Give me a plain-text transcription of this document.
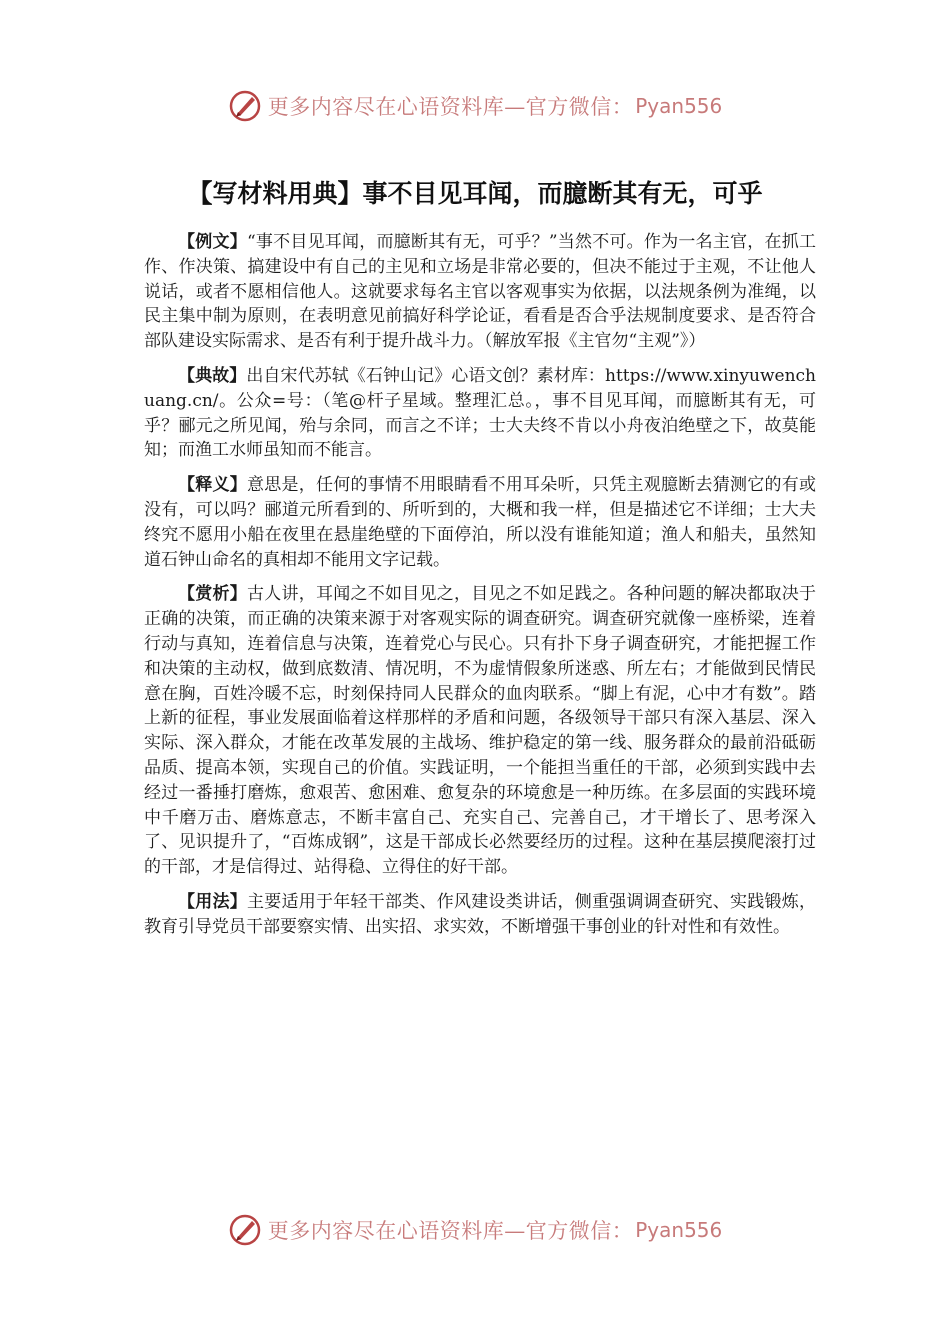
更多内容尽在心语资料库—官方微信： Pyan556
【写材料用典】事不目见耳闻，而臆断其有无，可乎

【例文】“事不目见耳闻，而臆断其有无，可乎？”当然不可。作为一名主官，在抓工作、作决策、搞建设中有自己的主见和立场是非常必要的，但决不能过于主观，不让他人说话，或者不愿相信他人。这就要求每名主官以客观事实为依据，以法规条例为准绳，以民主集中制为原则，在表明意见前搞好科学论证，看看是否合乎法规制度要求、是否符合部队建设实际需求、是否有利于提升战斗力。（解放军报《主官勿“主观”》）

【典故】出自宋代苏轼《石钟山记》心语文创？素材库：https://www.xinyuwenchuang.cn/。公众=号：（笔@杆子星域。整理汇总。，事不目见耳闻，而臆断其有无，可乎？郦元之所见闻，殆与余同，而言之不详；士大夫终不肯以小舟夜泊绝壁之下，故莫能知；而渔工水师虽知而不能言。

【释义】意思是，任何的事情不用眼睛看不用耳朵听，只凭主观臆断去猜测它的有或没有，可以吗？郦道元所看到的、所听到的，大概和我一样，但是描述它不详细；士大夫终究不愿用小船在夜里在悬崖绝壁的下面停泊，所以没有谁能知道；渔人和船夫，虽然知道石钟山命名的真相却不能用文字记载。

【赏析】古人讲，耳闻之不如目见之，目见之不如足践之。各种问题的解决都取决于正确的决策，而正确的决策来源于对客观实际的调查研究。调查研究就像一座桥梁，连着行动与真知，连着信息与决策，连着党心与民心。只有扑下身子调查研究，才能把握工作和决策的主动权，做到底数清、情况明，不为虚情假象所迷惑、所左右；才能做到民情民意在胸，百姓冷暖不忘，时刻保持同人民群众的血肉联系。“脚上有泥，心中才有数”。踏上新的征程，事业发展面临着这样那样的矛盾和问题，各级领导干部只有深入基层、深入实际、深入群众，才能在改革发展的主战场、维护稳定的第一线、服务群众的最前沿砥砺品质、提高本领，实现自己的价值。实践证明，一个能担当重任的干部，必须到实践中去经过一番捶打磨炼，愈艰苦、愈困难、愈复杂的环境愈是一种历练。在多层面的实践环境中千磨万击、磨炼意志，不断丰富自己、充实自己、完善自己，才干增长了、思考深入了、见识提升了，“百炼成钢”，这是干部成长必然要经历的过程。这种在基层摸爬滚打过的干部，才是信得过、站得稳、立得住的好干部。

【用法】主要适用于年轻干部类、作风建设类讲话，侧重强调调查研究、实践锻炼，教育引导党员干部要察实情、出实招、求实效，不断增强干事创业的针对性和有效性。

更多内容尽在心语资料库—官方微信： Pyan556
